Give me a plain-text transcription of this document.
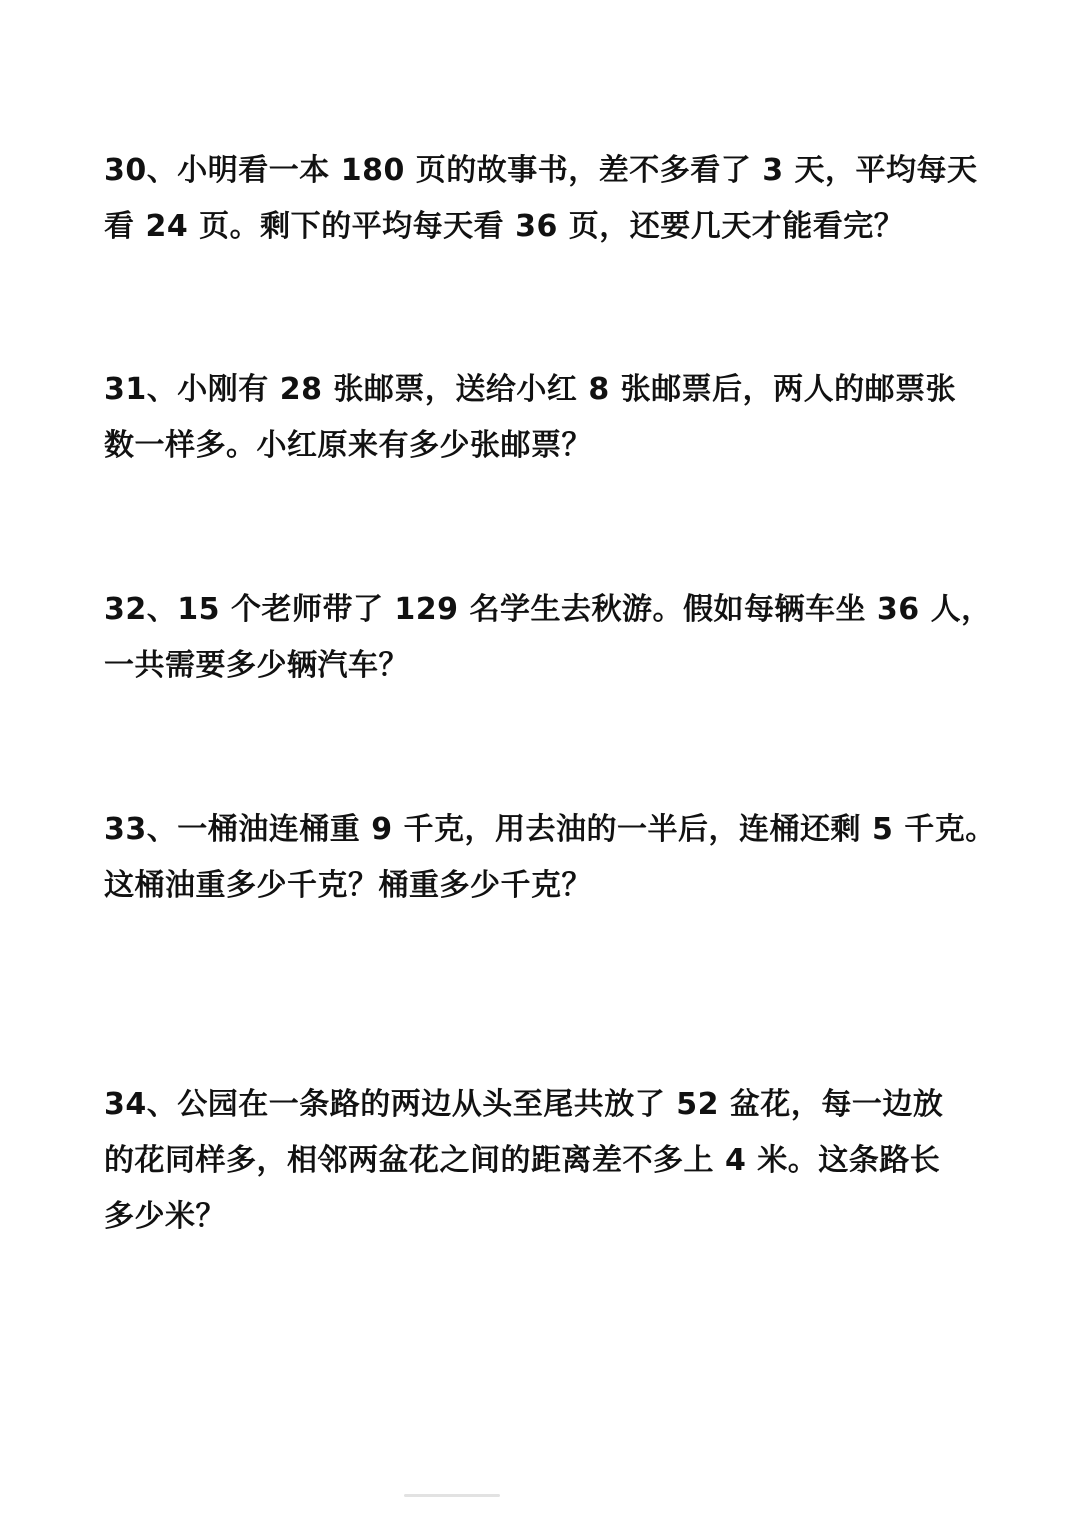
30、小明看一本 180 页的故事书，差不多看了 3 天，平均每天
看 24 页。剩下的平均每天看 36 页，还要几天才能看完？

31、小刚有 28 张邮票，送给小红 8 张邮票后，两人的邮票张
数一样多。小红原来有多少张邮票？

32、15 个老师带了 129 名学生去秋游。假如每辆车坐 36 人，
一共需要多少辆汽车？

33、一桶油连桶重 9 千克，用去油的一半后，连桶还剩 5 千克。
这桶油重多少千克？桶重多少千克？

34、公园在一条路的两边从头至尾共放了 52 盆花，每一边放
的花同样多，相邻两盆花之间的距离差不多上 4 米。这条路长
多少米？
